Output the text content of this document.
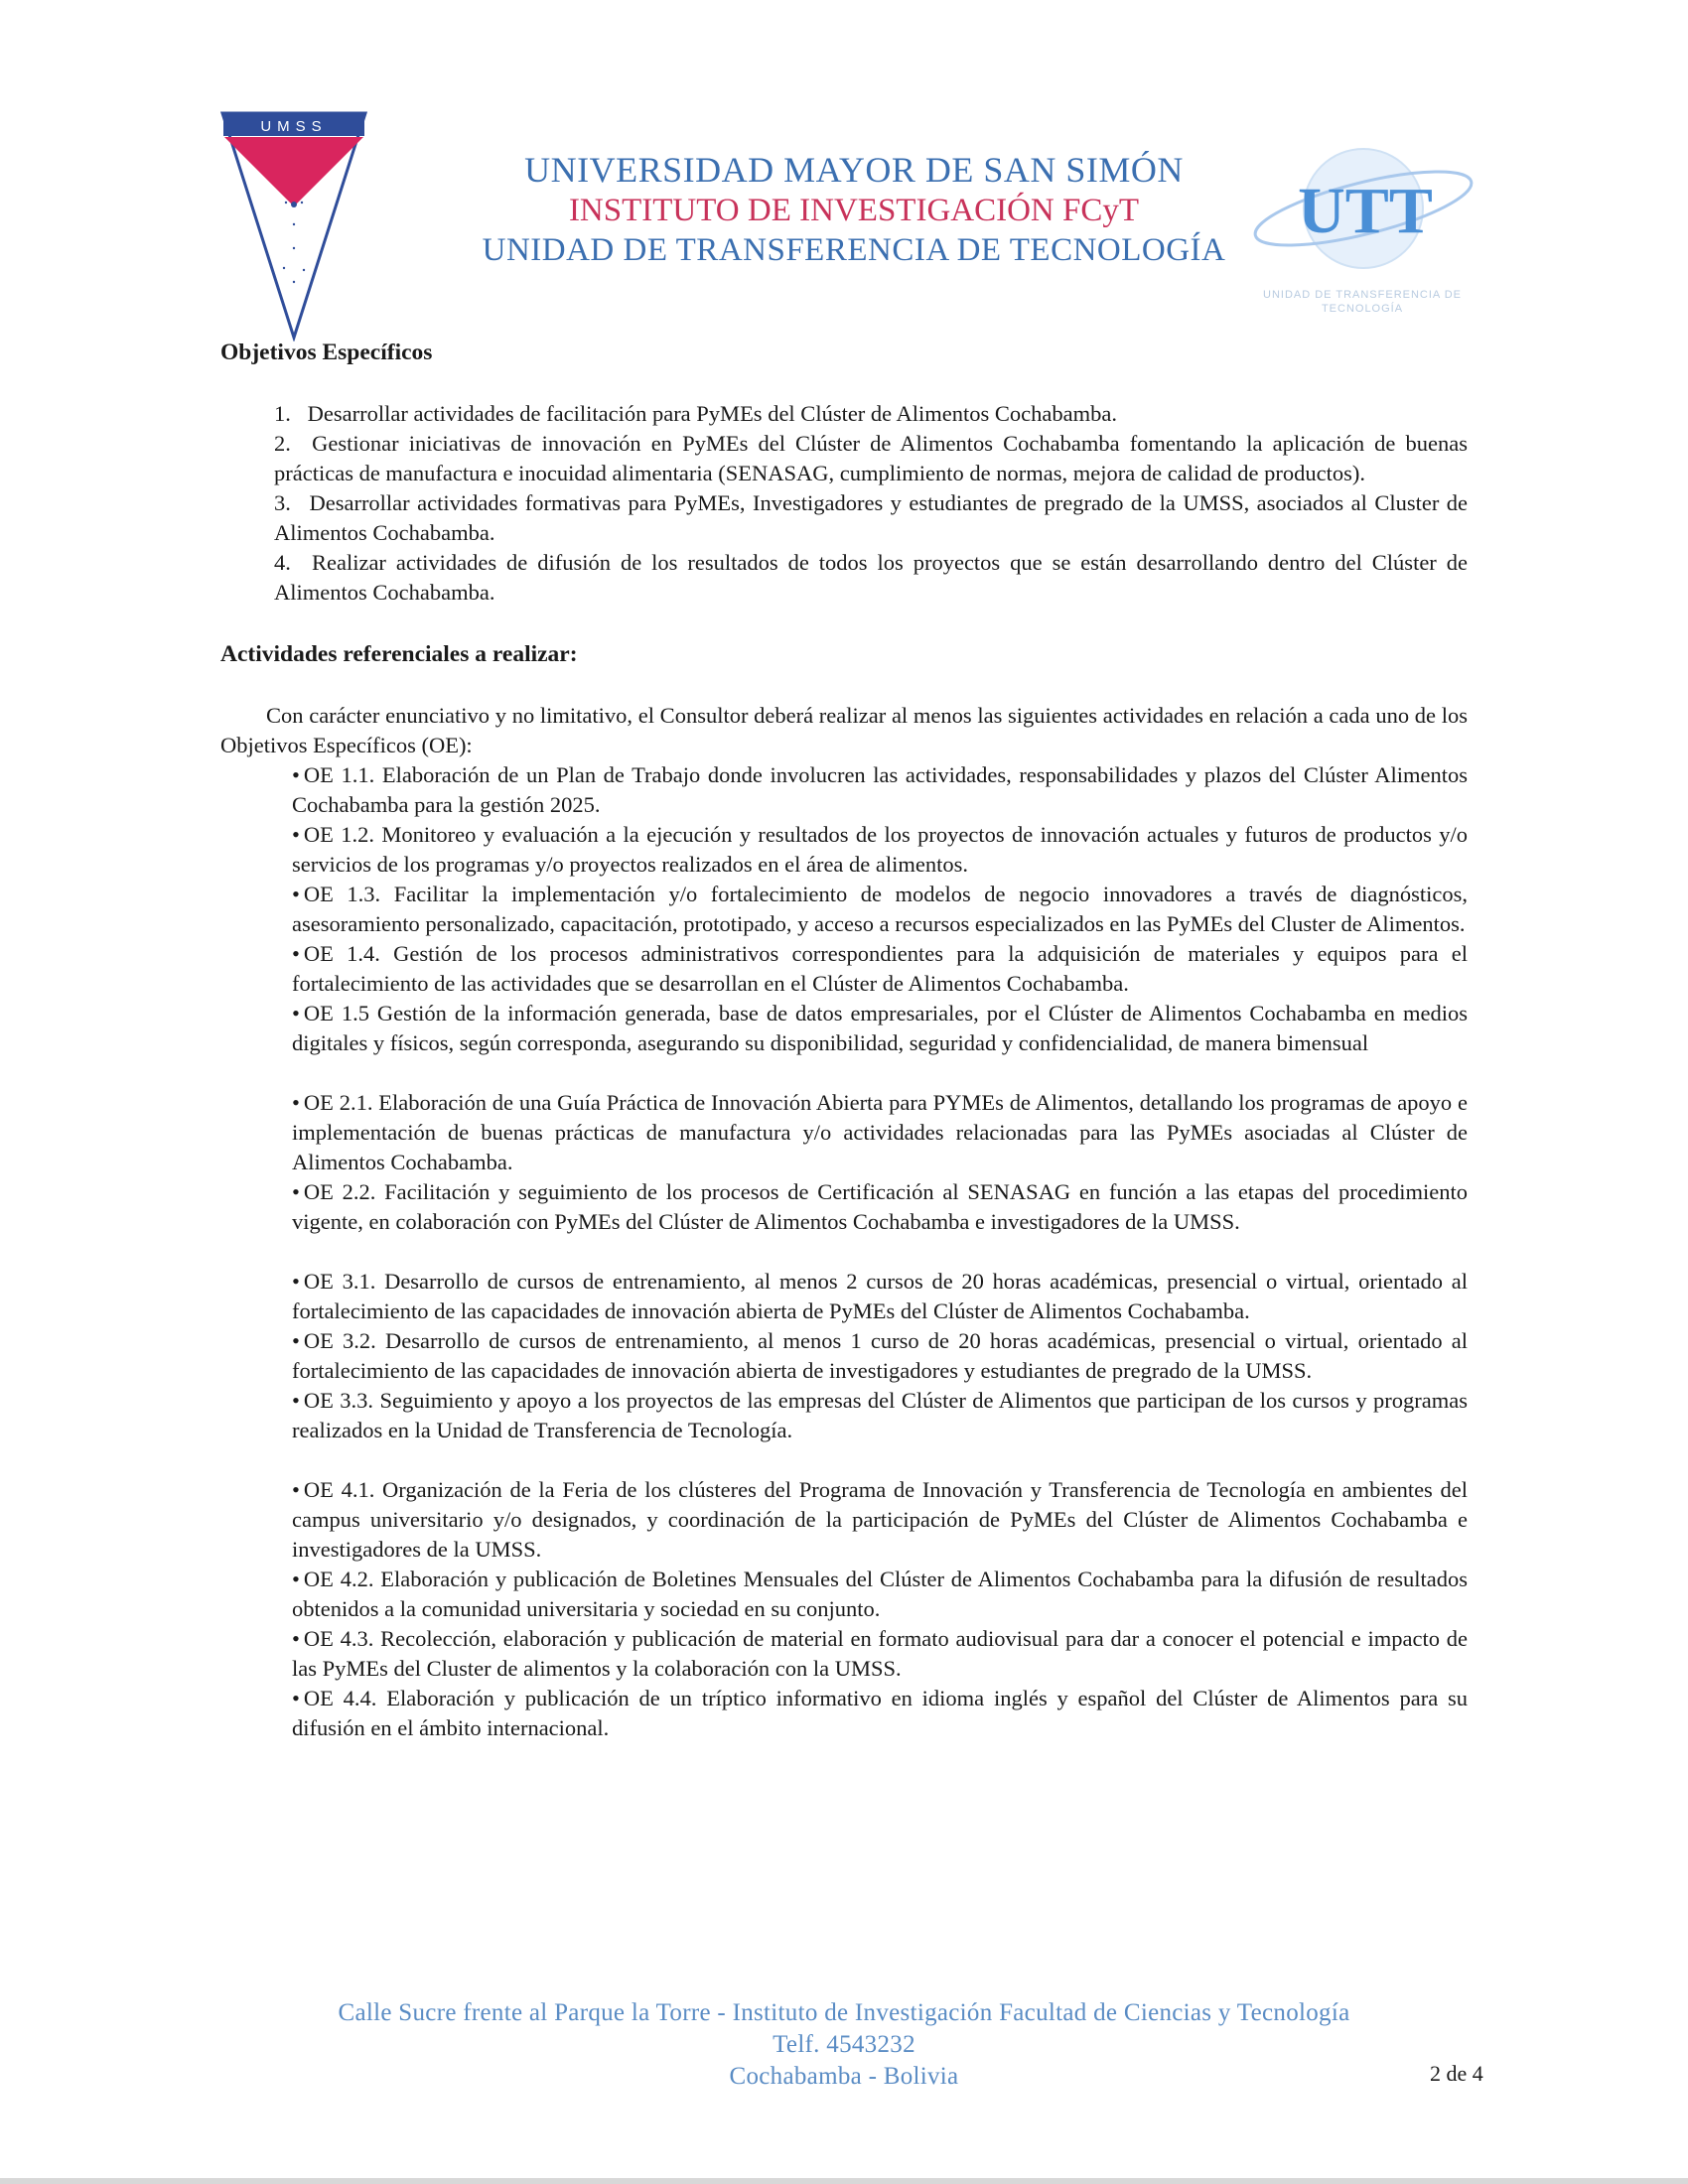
UMSS
UNIVERSIDAD MAYOR DE SAN SIMÓN
INSTITUTO DE INVESTIGACIÓN FCyT
UNIDAD DE TRANSFERENCIA DE TECNOLOGÍA
UTT
UNIDAD DE TRANSFERENCIA DE TECNOLOGÍA

Objetivos Específicos

1. Desarrollar actividades de facilitación para PyMEs del Clúster de Alimentos Cochabamba.

2. Gestionar iniciativas de innovación en PyMEs del Clúster de Alimentos Cochabamba fomentando la aplicación de buenas prácticas de manufactura e inocuidad alimentaria (SENASAG, cumplimiento de normas, mejora de calidad de productos).

3. Desarrollar actividades formativas para PyMEs, Investigadores y estudiantes de pregrado de la UMSS, asociados al Cluster de Alimentos Cochabamba.

4. Realizar actividades de difusión de los resultados de todos los proyectos que se están desarrollando dentro del Clúster de Alimentos Cochabamba.

Actividades referenciales a realizar:

Con carácter enunciativo y no limitativo, el Consultor deberá realizar al menos las siguientes actividades en relación a cada uno de los Objetivos Específicos (OE):

• OE 1.1. Elaboración de un Plan de Trabajo donde involucren las actividades, responsabilidades y plazos del Clúster Alimentos Cochabamba para la gestión 2025.

• OE 1.2. Monitoreo y evaluación a la ejecución y resultados de los proyectos de innovación actuales y futuros de productos y/o servicios de los programas y/o proyectos realizados en el área de alimentos.

• OE 1.3. Facilitar la implementación y/o fortalecimiento de modelos de negocio innovadores a través de diagnósticos, asesoramiento personalizado, capacitación, prototipado, y acceso a recursos especializados en las PyMEs del Cluster de Alimentos.

• OE 1.4. Gestión de los procesos administrativos correspondientes para la adquisición de materiales y equipos para el fortalecimiento de las actividades que se desarrollan en el Clúster de Alimentos Cochabamba.

• OE 1.5 Gestión de la información generada, base de datos empresariales, por el Clúster de Alimentos Cochabamba en medios digitales y físicos, según corresponda, asegurando su disponibilidad, seguridad y confidencialidad, de manera bimensual

• OE 2.1. Elaboración de una Guía Práctica de Innovación Abierta para PYMEs de Alimentos, detallando los programas de apoyo e implementación de buenas prácticas de manufactura y/o actividades relacionadas para las PyMEs asociadas al Clúster de Alimentos Cochabamba.

• OE 2.2. Facilitación y seguimiento de los procesos de Certificación al SENASAG en función a las etapas del procedimiento vigente, en colaboración con PyMEs del Clúster de Alimentos Cochabamba e investigadores de la UMSS.

• OE 3.1. Desarrollo de cursos de entrenamiento, al menos 2 cursos de 20 horas académicas, presencial o virtual, orientado al fortalecimiento de las capacidades de innovación abierta de PyMEs del Clúster de Alimentos Cochabamba.

• OE 3.2. Desarrollo de cursos de entrenamiento, al menos 1 curso de 20 horas académicas, presencial o virtual, orientado al fortalecimiento de las capacidades de innovación abierta de investigadores y estudiantes de pregrado de la UMSS.

• OE 3.3. Seguimiento y apoyo a los proyectos de las empresas del Clúster de Alimentos que participan de los cursos y programas realizados en la Unidad de Transferencia de Tecnología.

• OE 4.1. Organización de la Feria de los clústeres del Programa de Innovación y Transferencia de Tecnología en ambientes del campus universitario y/o designados, y coordinación de la participación de PyMEs del Clúster de Alimentos Cochabamba e investigadores de la UMSS.

• OE 4.2. Elaboración y publicación de Boletines Mensuales del Clúster de Alimentos Cochabamba para la difusión de resultados obtenidos a la comunidad universitaria y sociedad en su conjunto.

• OE 4.3. Recolección, elaboración y publicación de material en formato audiovisual para dar a conocer el potencial e impacto de las PyMEs del Cluster de alimentos y la colaboración con la UMSS.

• OE 4.4. Elaboración y publicación de un tríptico informativo en idioma inglés y español del Clúster de Alimentos para su difusión en el ámbito internacional.

Calle Sucre frente al Parque la Torre - Instituto de Investigación Facultad de Ciencias y Tecnología
Telf. 4543232
Cochabamba - Bolivia	2 de 4
